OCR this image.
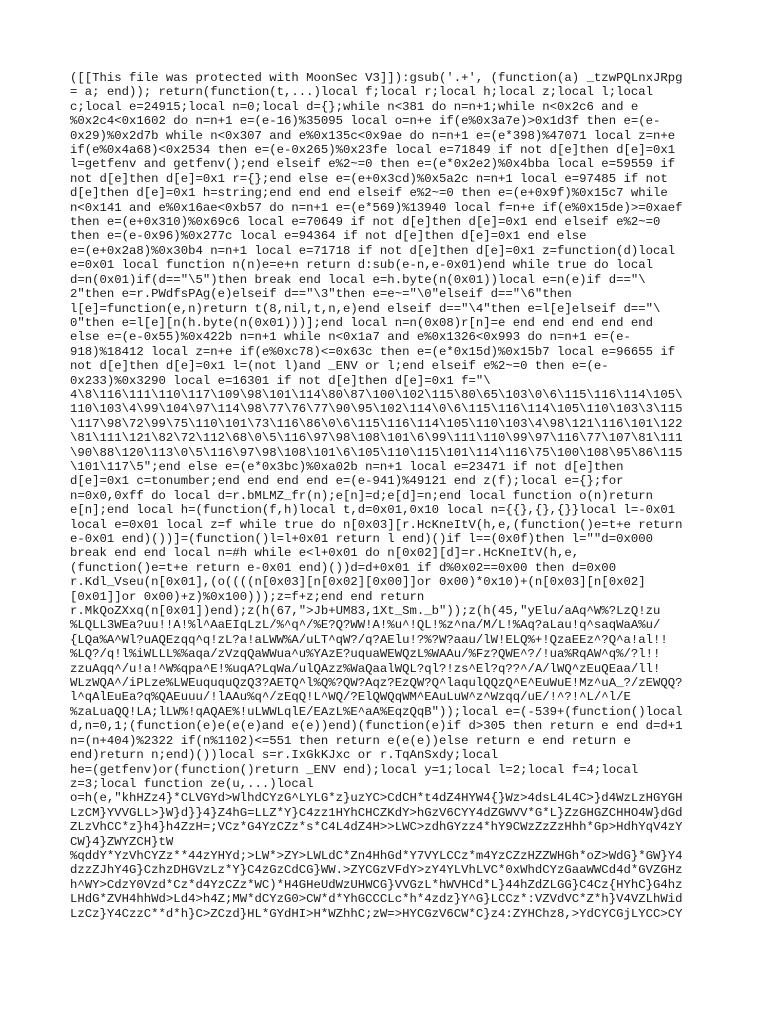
([[This file was protected with MoonSec V3]]):gsub('.+', (function(a) _tzwPQLnxJRpg
= a; end)); return(function(t,...)local f;local r;local h;local z;local l;local
c;local e=24915;local n=0;local d={};while n<381 do n=n+1;while n<0x2c6 and e
%0x2c4<0x1602 do n=n+1 e=(e-16)%35095 local o=n+e if(e%0x3a7e)>0x1d3f then e=(e-
0x29)%0x2d7b while n<0x307 and e%0x135c<0x9ae do n=n+1 e=(e*398)%47071 local z=n+e
if(e%0x4a68)<0x2534 then e=(e-0x265)%0x23fe local e=71849 if not d[e]then d[e]=0x1
l=getfenv and getfenv();end elseif e%2~=0 then e=(e*0x2e2)%0x4bba local e=59559 if
not d[e]then d[e]=0x1 r={};end else e=(e+0x3cd)%0x5a2c n=n+1 local e=97485 if not
d[e]then d[e]=0x1 h=string;end end end elseif e%2~=0 then e=(e+0x9f)%0x15c7 while
n<0x141 and e%0x16ae<0xb57 do n=n+1 e=(e*569)%13940 local f=n+e if(e%0x15de)>=0xaef
then e=(e+0x310)%0x69c6 local e=70649 if not d[e]then d[e]=0x1 end elseif e%2~=0
then e=(e-0x96)%0x277c local e=94364 if not d[e]then d[e]=0x1 end else
e=(e+0x2a8)%0x30b4 n=n+1 local e=71718 if not d[e]then d[e]=0x1 z=function(d)local
e=0x01 local function n(n)e=e+n return d:sub(e-n,e-0x01)end while true do local
d=n(0x01)if(d=="\5")then break end local e=h.byte(n(0x01))local e=n(e)if d=="\
2"then e=r.PWdfsPAg(e)elseif d=="\3"then e=e~="\0"elseif d=="\6"then
l[e]=function(e,n)return t(8,nil,t,n,e)end elseif d=="\4"then e=l[e]elseif d=="\
0"then e=l[e][n(h.byte(n(0x01)))];end local n=n(0x08)r[n]=e end end end end end
else e=(e-0x55)%0x422b n=n+1 while n<0x1a7 and e%0x1326<0x993 do n=n+1 e=(e-
918)%18412 local z=n+e if(e%0xc78)<=0x63c then e=(e*0x15d)%0x15b7 local e=96655 if
not d[e]then d[e]=0x1 l=(not l)and _ENV or l;end elseif e%2~=0 then e=(e-
0x233)%0x3290 local e=16301 if not d[e]then d[e]=0x1 f="\
4\8\116\111\110\117\109\98\101\114\80\87\100\102\115\80\65\103\0\6\115\116\114\105\
110\103\4\99\104\97\114\98\77\76\77\90\95\102\114\0\6\115\116\114\105\110\103\3\115
\117\98\72\99\75\110\101\73\116\86\0\6\115\116\114\105\110\103\4\98\121\116\101\122
\81\111\121\82\72\112\68\0\5\116\97\98\108\101\6\99\111\110\99\97\116\77\107\81\111
\90\88\120\113\0\5\116\97\98\108\101\6\105\110\115\101\114\116\75\100\108\95\86\115
\101\117\5";end else e=(e*0x3bc)%0xa02b n=n+1 local e=23471 if not d[e]then
d[e]=0x1 c=tonumber;end end end end e=(e-941)%49121 end z(f);local e={};for
n=0x0,0xff do local d=r.bMLMZ_fr(n);e[n]=d;e[d]=n;end local function o(n)return
e[n];end local h=(function(f,h)local t,d=0x01,0x10 local n={{},{},{}}local l=-0x01
local e=0x01 local z=f while true do n[0x03][r.HcKneItV(h,e,(function()e=t+e return
e-0x01 end)())]=(function()l=l+0x01 return l end)()if l==(0x0f)then l=""d=0x000
break end end local n=#h while e<l+0x01 do n[0x02][d]=r.HcKneItV(h,e,
(function()e=t+e return e-0x01 end)())d=d+0x01 if d%0x02==0x00 then d=0x00
r.Kdl_Vseu(n[0x01],(o((((n[0x03][n[0x02][0x00]]or 0x00)*0x10)+(n[0x03][n[0x02]
[0x01]]or 0x00)+z)%0x100)));z=f+z;end end return
r.MkQoZXxq(n[0x01])end);z(h(67,">Jb+UM83,1Xt_Sm._b"));z(h(45,"yElu/aAq^W%?LzQ!zu
%LQLL3WEa?uu!!A!%l^AaEIqLzL/%^q^/%E?Q?WW!A!%u^!QL!%z^na/M/L!%Aq?aLau!q^saqWaA%u/
{LQa%A^Wl?uAQEzqq^q!zL?a!aLWW%A/uLT^qW?/q?AElu!?%?W?aau/lW!ELQ%+!QzaEEz^?Q^a!al!!
%LQ?/q!l%iWLLL%%aqa/zVzqQaWWua^u%YAzE?uquaWEWQzL%WAAu/%Fz?QWE^?/!ua%RqAW^q%/?l!!
zzuAqq^/u!a!^W%qpa^E!%uqA?LqWa/ulQAzz%WaQaalWQL?ql?!zs^El?q??^/A/lWQ^zEuQEaa/ll!
WLzWQA^/iPLze%LWEuququQzQ3?AETQ^l%Q%?QW?Aqz?EzQW?Q^laqulQQzQ^E^EuWuE!Mz^uA_?/zEWQQ?
l^qAlEuEa?q%QAEuuu/!lAAu%q^/zEqQ!L^WQ/?ElQWQqWM^EAuLuW^z^Wzqq/uE/!^?!^L/^l/E
%zaLuaQQ!LA;lLW%!qAQAE%!uLWWLqlE/EAzL%E^aA%EqzQqB"));local e=(-539+(function()local
d,n=0,1;(function(e)e(e(e)and e(e))end)(function(e)if d>305 then return e end d=d+1
n=(n+404)%2322 if(n%1102)<=551 then return e(e(e))else return e end return e
end)return n;end)())local s=r.IxGkKJxc or r.TqAnSxdy;local
he=(getfenv)or(function()return _ENV end);local y=1;local l=2;local f=4;local
z=3;local function ze(u,...)local
o=h(e,"khHZz4}*CLVGYd>WlhdCYzG^LYLG*z}uzYC>CdCH*t4dZ4HYW4{}Wz>4dsL4L4C>}d4WzLzHGYGH
LzCM}YVVGLL>}W}d}}4}Z4hG=LLZ*Y}C4zz1HYhCHCZKdY>hGzV6CYY4dZGWVV*G*L}ZzGHGZCHHO4W}dGd
ZLzVhCC*z}h4}h4ZzH=;VCz*G4YzCZz*s*C4L4dZ4H>>LWC>zdhGYzz4*hY9CWzZzZzHhh*Gp>HdhYqV4zY
CW}4}ZWYZCH}tW
%qddY*YzVhCYZz**44zYHYd;>LW*>ZY>LWLdC*Zn4HhGd*Y7VYLCCz*m4YzCZzHZZWHGh*oZ>WdG}*GW}Y4
dzzZJhY4G}CzhzDHGVzLz*Y}C4zGzCdCG}WW.>ZYCGzVFdY>zY4YLVhLVC*0xWhdCYzGaaWWCd4d*GVZGHz
h^WY>CdzY0Vzd*Cz*d4YzCZz*WC)*H4GHeUdWzUHWCG}VVGzL*hWVHCd*L}44hZdZLGG}C4Cz{HYhC}G4hz
LHdG*ZVH4hhWd>Ld4>h4Z;MW*dCYzG0>CW*d*YhGCCCLc*h*4zdz}Y^G}LCCz*:VZVdVC*Z*h}V4VZLhWid
LzCz}Y4CzzC**d*h}C>ZCzd}HL*GYdHI>H*WZhhC;zW=>HYCGzV6CW*C}z4:ZYHChz8,>YdCYCGjLYCC>CY
